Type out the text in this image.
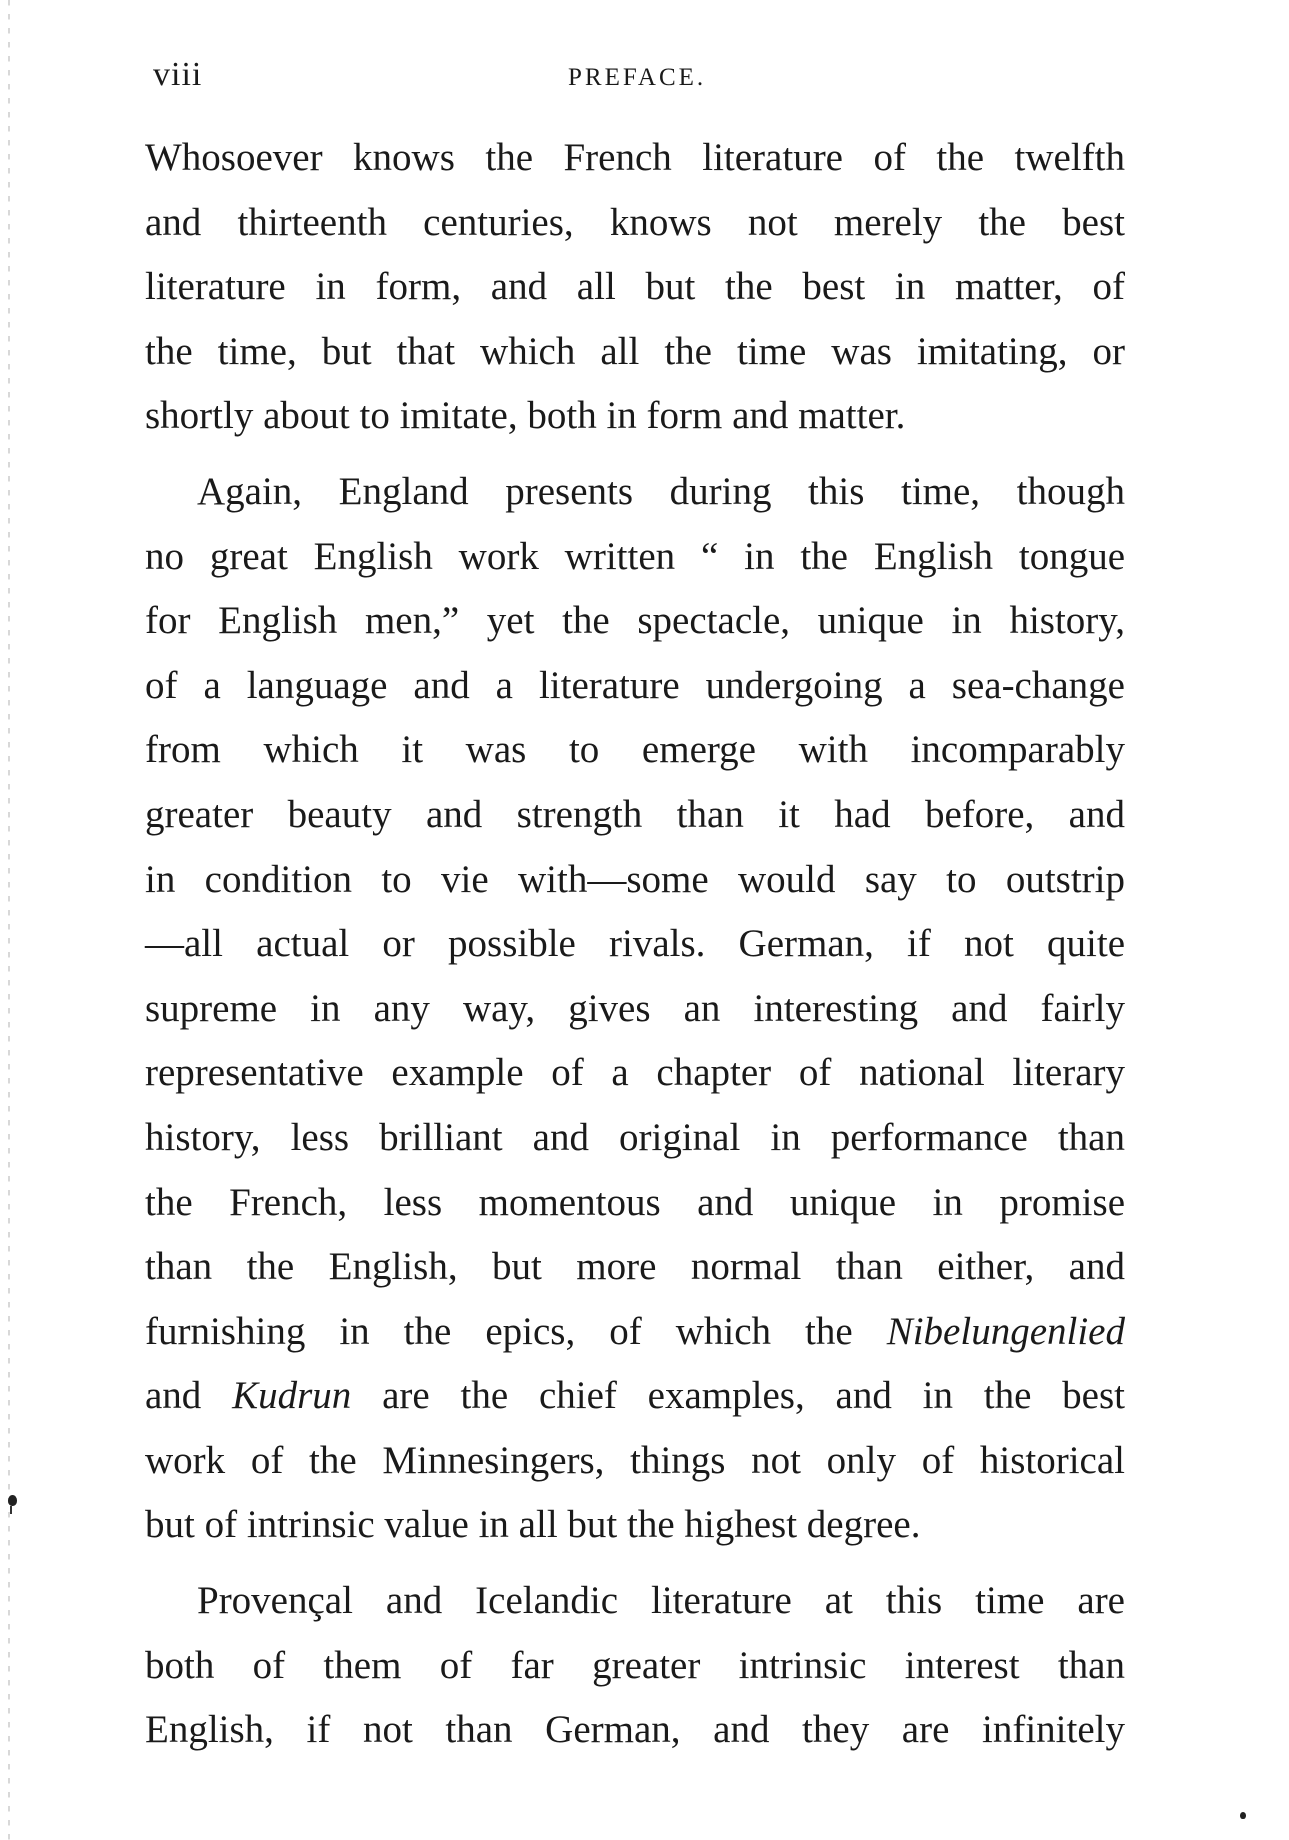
viii	PREFACE.
Whosoever knows the French literature of the twelfth
and thirteenth centuries, knows not merely the best
literature in form, and all but the best in matter, of
the time, but that which all the time was imitating, or
shortly about to imitate, both in form and matter.
Again, England presents during this time, though
no great English work written “ in the English tongue
for English men,” yet the spectacle, unique in history,
of a language and a literature undergoing a sea-change
from which it was to emerge with incomparably
greater beauty and strength than it had before, and
in condition to vie with—some would say to outstrip
—all actual or possible rivals. German, if not quite
supreme in any way, gives an interesting and fairly
representative example of a chapter of national literary
history, less brilliant and original in performance than
the French, less momentous and unique in promise
than the English, but more normal than either, and
furnishing in the epics, of which the Nibelungenlied
and Kudrun are the chief examples, and in the best
work of the Minnesingers, things not only of historical
but of intrinsic value in all but the highest degree.
Provençal and Icelandic literature at this time are
both of them of far greater intrinsic interest than
English, if not than German, and they are infinitely
